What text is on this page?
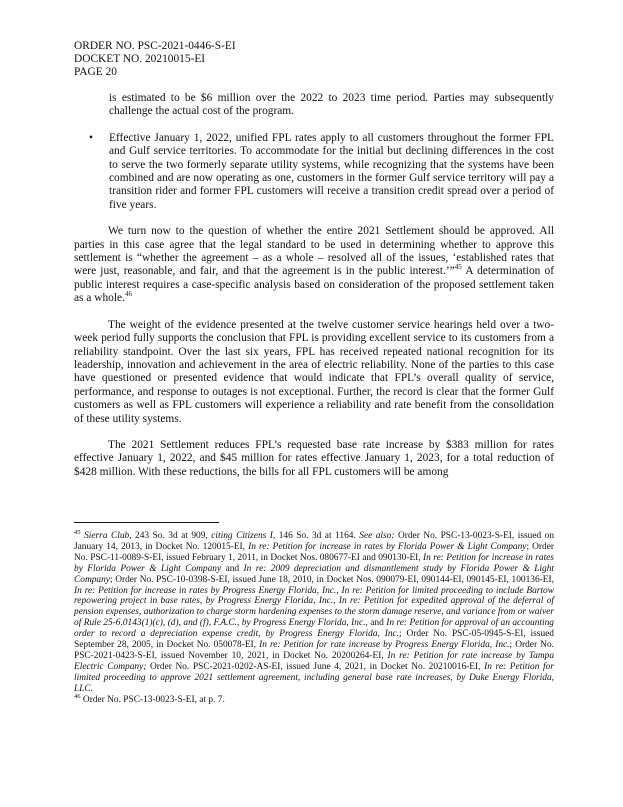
ORDER NO. PSC-2021-0446-S-EI
DOCKET NO. 20210015-EI
PAGE 20

is estimated to be $6 million over the 2022 to 2023 time period. Parties may subsequently challenge the actual cost of the program.

• Effective January 1, 2022, unified FPL rates apply to all customers throughout the former FPL and Gulf service territories. To accommodate for the initial but declining differences in the cost to serve the two formerly separate utility systems, while recognizing that the systems have been combined and are now operating as one, customers in the former Gulf service territory will pay a transition rider and former FPL customers will receive a transition credit spread over a period of five years.

We turn now to the question of whether the entire 2021 Settlement should be approved. All parties in this case agree that the legal standard to be used in determining whether to approve this settlement is “whether the agreement – as a whole – resolved all of the issues, ‘established rates that were just, reasonable, and fair, and that the agreement is in the public interest.’”$^{45}$ A determination of public interest requires a case-specific analysis based on consideration of the proposed settlement taken as a whole.$^{46}$

The weight of the evidence presented at the twelve customer service hearings held over a two-week period fully supports the conclusion that FPL is providing excellent service to its customers from a reliability standpoint. Over the last six years, FPL has received repeated national recognition for its leadership, innovation and achievement in the area of electric reliability. None of the parties to this case have questioned or presented evidence that would indicate that FPL’s overall quality of service, performance, and response to outages is not exceptional. Further, the record is clear that the former Gulf customers as well as FPL customers will experience a reliability and rate benefit from the consolidation of these utility systems.

The 2021 Settlement reduces FPL’s requested base rate increase by $383 million for rates effective January 1, 2022, and $45 million for rates effective January 1, 2023, for a total reduction of $428 million. With these reductions, the bills for all FPL customers will be among

$^{45}$ Sierra Club, 243 So. 3d at 909, citing Citizens I, 146 So. 3d at 1164. See also: Order No. PSC-13-0023-S-EI, issued on January 14, 2013, in Docket No. 120015-EI, In re: Petition for increase in rates by Florida Power & Light Company; Order No. PSC-11-0089-S-EI, issued February 1, 2011, in Docket Nos. 080677-EI and 090130-EI, In re: Petition for increase in rates by Florida Power & Light Company and In re: 2009 depreciation and dismantlement study by Florida Power & Light Company; Order No. PSC-10-0398-S-EI, issued June 18, 2010, in Docket Nos. 090079-EI, 090144-EI, 090145-EI, 100136-EI, In re: Petition for increase in rates by Progress Energy Florida, Inc., In re: Petition for limited proceeding to include Bartow repowering project in base rates, by Progress Energy Florida, Inc., In re: Petition for expedited approval of the deferral of pension expenses, authorization to charge storm hardening expenses to the storm damage reserve, and variance from or waiver of Rule 25-6.0143(1)(c), (d), and (f), F.A.C., by Progress Energy Florida, Inc., and In re: Petition for approval of an accounting order to record a depreciation expense credit, by Progress Energy Florida, Inc.; Order No. PSC-05-0945-S-EI, issued September 28, 2005, in Docket No. 050078-EI, In re: Petition for rate increase by Progress Energy Florida, Inc.; Order No. PSC-2021-0423-S-EI, issued November 10, 2021, in Docket No. 20200264-EI, In re: Petition for rate increase by Tampa Electric Company; Order No. PSC-2021-0202-AS-EI, issued June 4, 2021, in Docket No. 20210016-EI, In re: Petition for limited proceeding to approve 2021 settlement agreement, including general base rate increases, by Duke Energy Florida, LLC.

$^{46}$ Order No. PSC-13-0023-S-EI, at p. 7.
